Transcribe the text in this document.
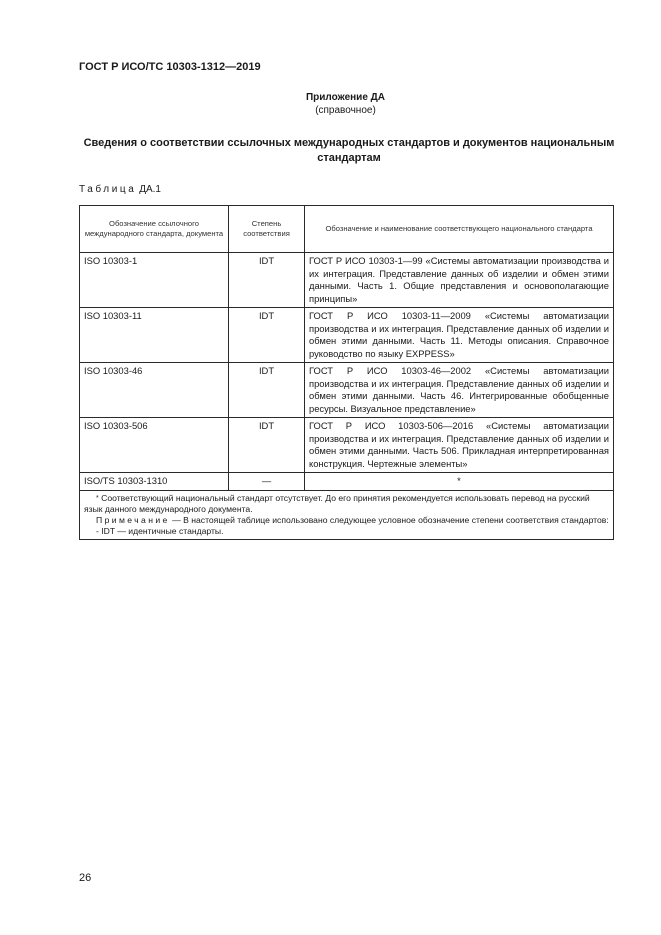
ГОСТ Р ИСО/ТС 10303-1312—2019
Приложение ДА
(справочное)
Сведения о соответствии ссылочных международных стандартов и документов национальным стандартам
Таблица ДА.1
Обозначение ссылочного международного стандарта, документа	Степень соответствия	Обозначение и наименование соответствующего национального стандарта
ISO 10303-1	IDT	ГОСТ Р ИСО 10303-1—99 «Системы автоматизации производства и их интеграция. Представление данных об изделии и обмен этими данными. Часть 1. Общие представления и основополагающие принципы»
ISO 10303-11	IDT	ГОСТ Р ИСО 10303-11—2009 «Системы автоматизации производства и их интеграция. Представление данных об изделии и обмен этими данными. Часть 11. Методы описания. Справочное руководство по языку EXPPESS»
ISO 10303-46	IDT	ГОСТ Р ИСО 10303-46—2002 «Системы автоматизации производства и их интеграция. Представление данных об изделии и обмен этими данными. Часть 46. Интегрированные обобщенные ресурсы. Визуальное представление»
ISO 10303-506	IDT	ГОСТ Р ИСО 10303-506—2016 «Системы автоматизации производства и их интеграция. Представление данных об изделии и обмен этими данными. Часть 506. Прикладная интерпретированная конструкция. Чертежные элементы»
ISO/TS 10303-1310	—	*

* Соответствующий национальный стандарт отсутствует. До его принятия рекомендуется использовать перевод на русский язык данного международного документа.

Примечание — В настоящей таблице использовано следующее условное обозначение степени соответствия стандартов:

- IDT — идентичные стандарты.		

26
